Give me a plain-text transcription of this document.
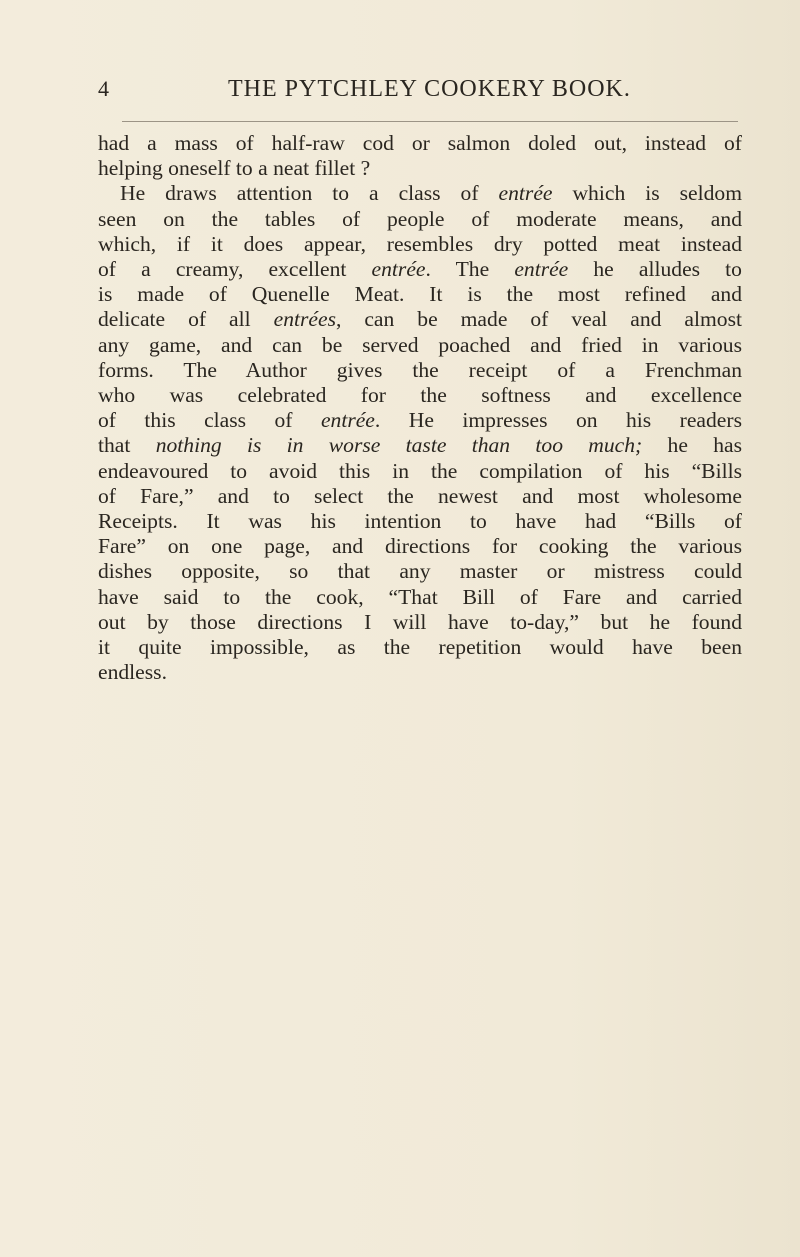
4	THE PYTCHLEY COOKERY BOOK.
had a mass of half-raw cod or salmon doled out, instead of
helping oneself to a neat fillet ?
He draws attention to a class of entrée which is seldom
seen on the tables of people of moderate means, and
which, if it does appear, resembles dry potted meat instead
of a creamy, excellent entrée. The entrée he alludes to
is made of Quenelle Meat. It is the most refined and
delicate of all entrées, can be made of veal and almost
any game, and can be served poached and fried in various
forms. The Author gives the receipt of a Frenchman
who was celebrated for the softness and excellence
of this class of entrée. He impresses on his readers
that nothing is in worse taste than too much; he has
endeavoured to avoid this in the compilation of his “Bills
of Fare,” and to select the newest and most wholesome
Receipts. It was his intention to have had “Bills of
Fare” on one page, and directions for cooking the various
dishes opposite, so that any master or mistress could
have said to the cook, “That Bill of Fare and carried
out by those directions I will have to-day,” but he found
it quite impossible, as the repetition would have been
endless.
